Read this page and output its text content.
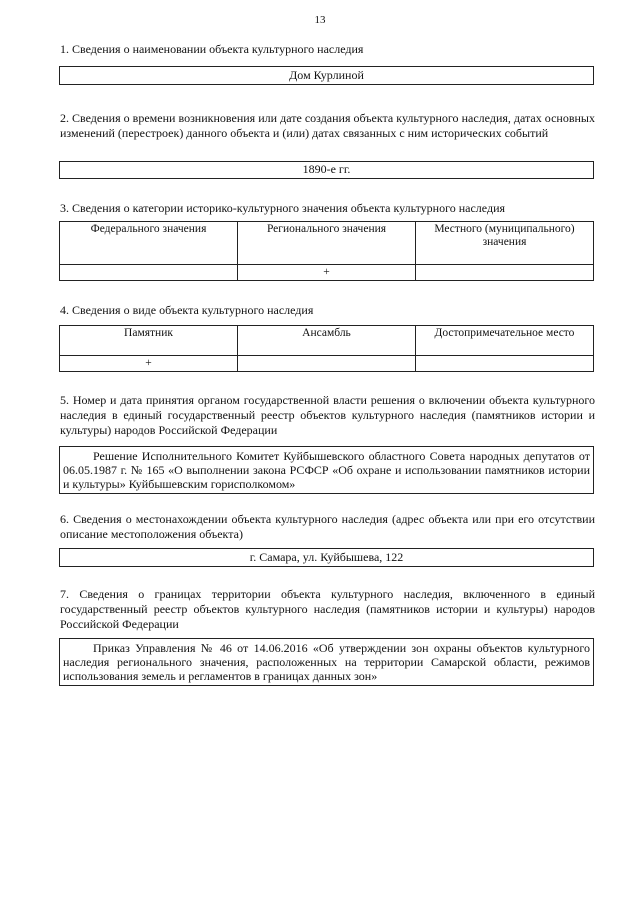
13
1. Сведения о наименовании объекта культурного наследия
Дом Курлиной
2. Сведения о времени возникновения или дате создания объекта культурного наследия, датах основных изменений (перестроек) данного объекта и (или) датах связанных с ним исторических событий
1890-е гг.
3. Сведения о категории историко-культурного значения объекта культурного наследия
Федерального значения	Регионального значения	Местного (муниципального) значения
	+	
4. Сведения о виде объекта культурного наследия
Памятник	Ансамбль	Достопримечательное место
+		
5. Номер и дата принятия органом государственной власти решения о включении объекта культурного наследия в единый государственный реестр объектов культурного наследия (памятников истории и культуры) народов Российской Федерации
Решение Исполнительного Комитет Куйбышевского областного Совета народных депутатов от 06.05.1987 г. № 165 «О выполнении закона РСФСР «Об охране и использовании памятников истории и культуры» Куйбышевским горисполкомом»
6. Сведения о местонахождении объекта культурного наследия (адрес объекта или при его отсутствии описание местоположения объекта)
г. Самара, ул. Куйбышева, 122
7. Сведения о границах территории объекта культурного наследия, включенного в единый государственный реестр объектов культурного наследия (памятников истории и культуры) народов Российской Федерации
Приказ Управления № 46 от 14.06.2016 «Об утверждении зон охраны объектов культурного наследия регионального значения, расположенных на территории Самарской области, режимов использования земель и регламентов в границах данных зон»
